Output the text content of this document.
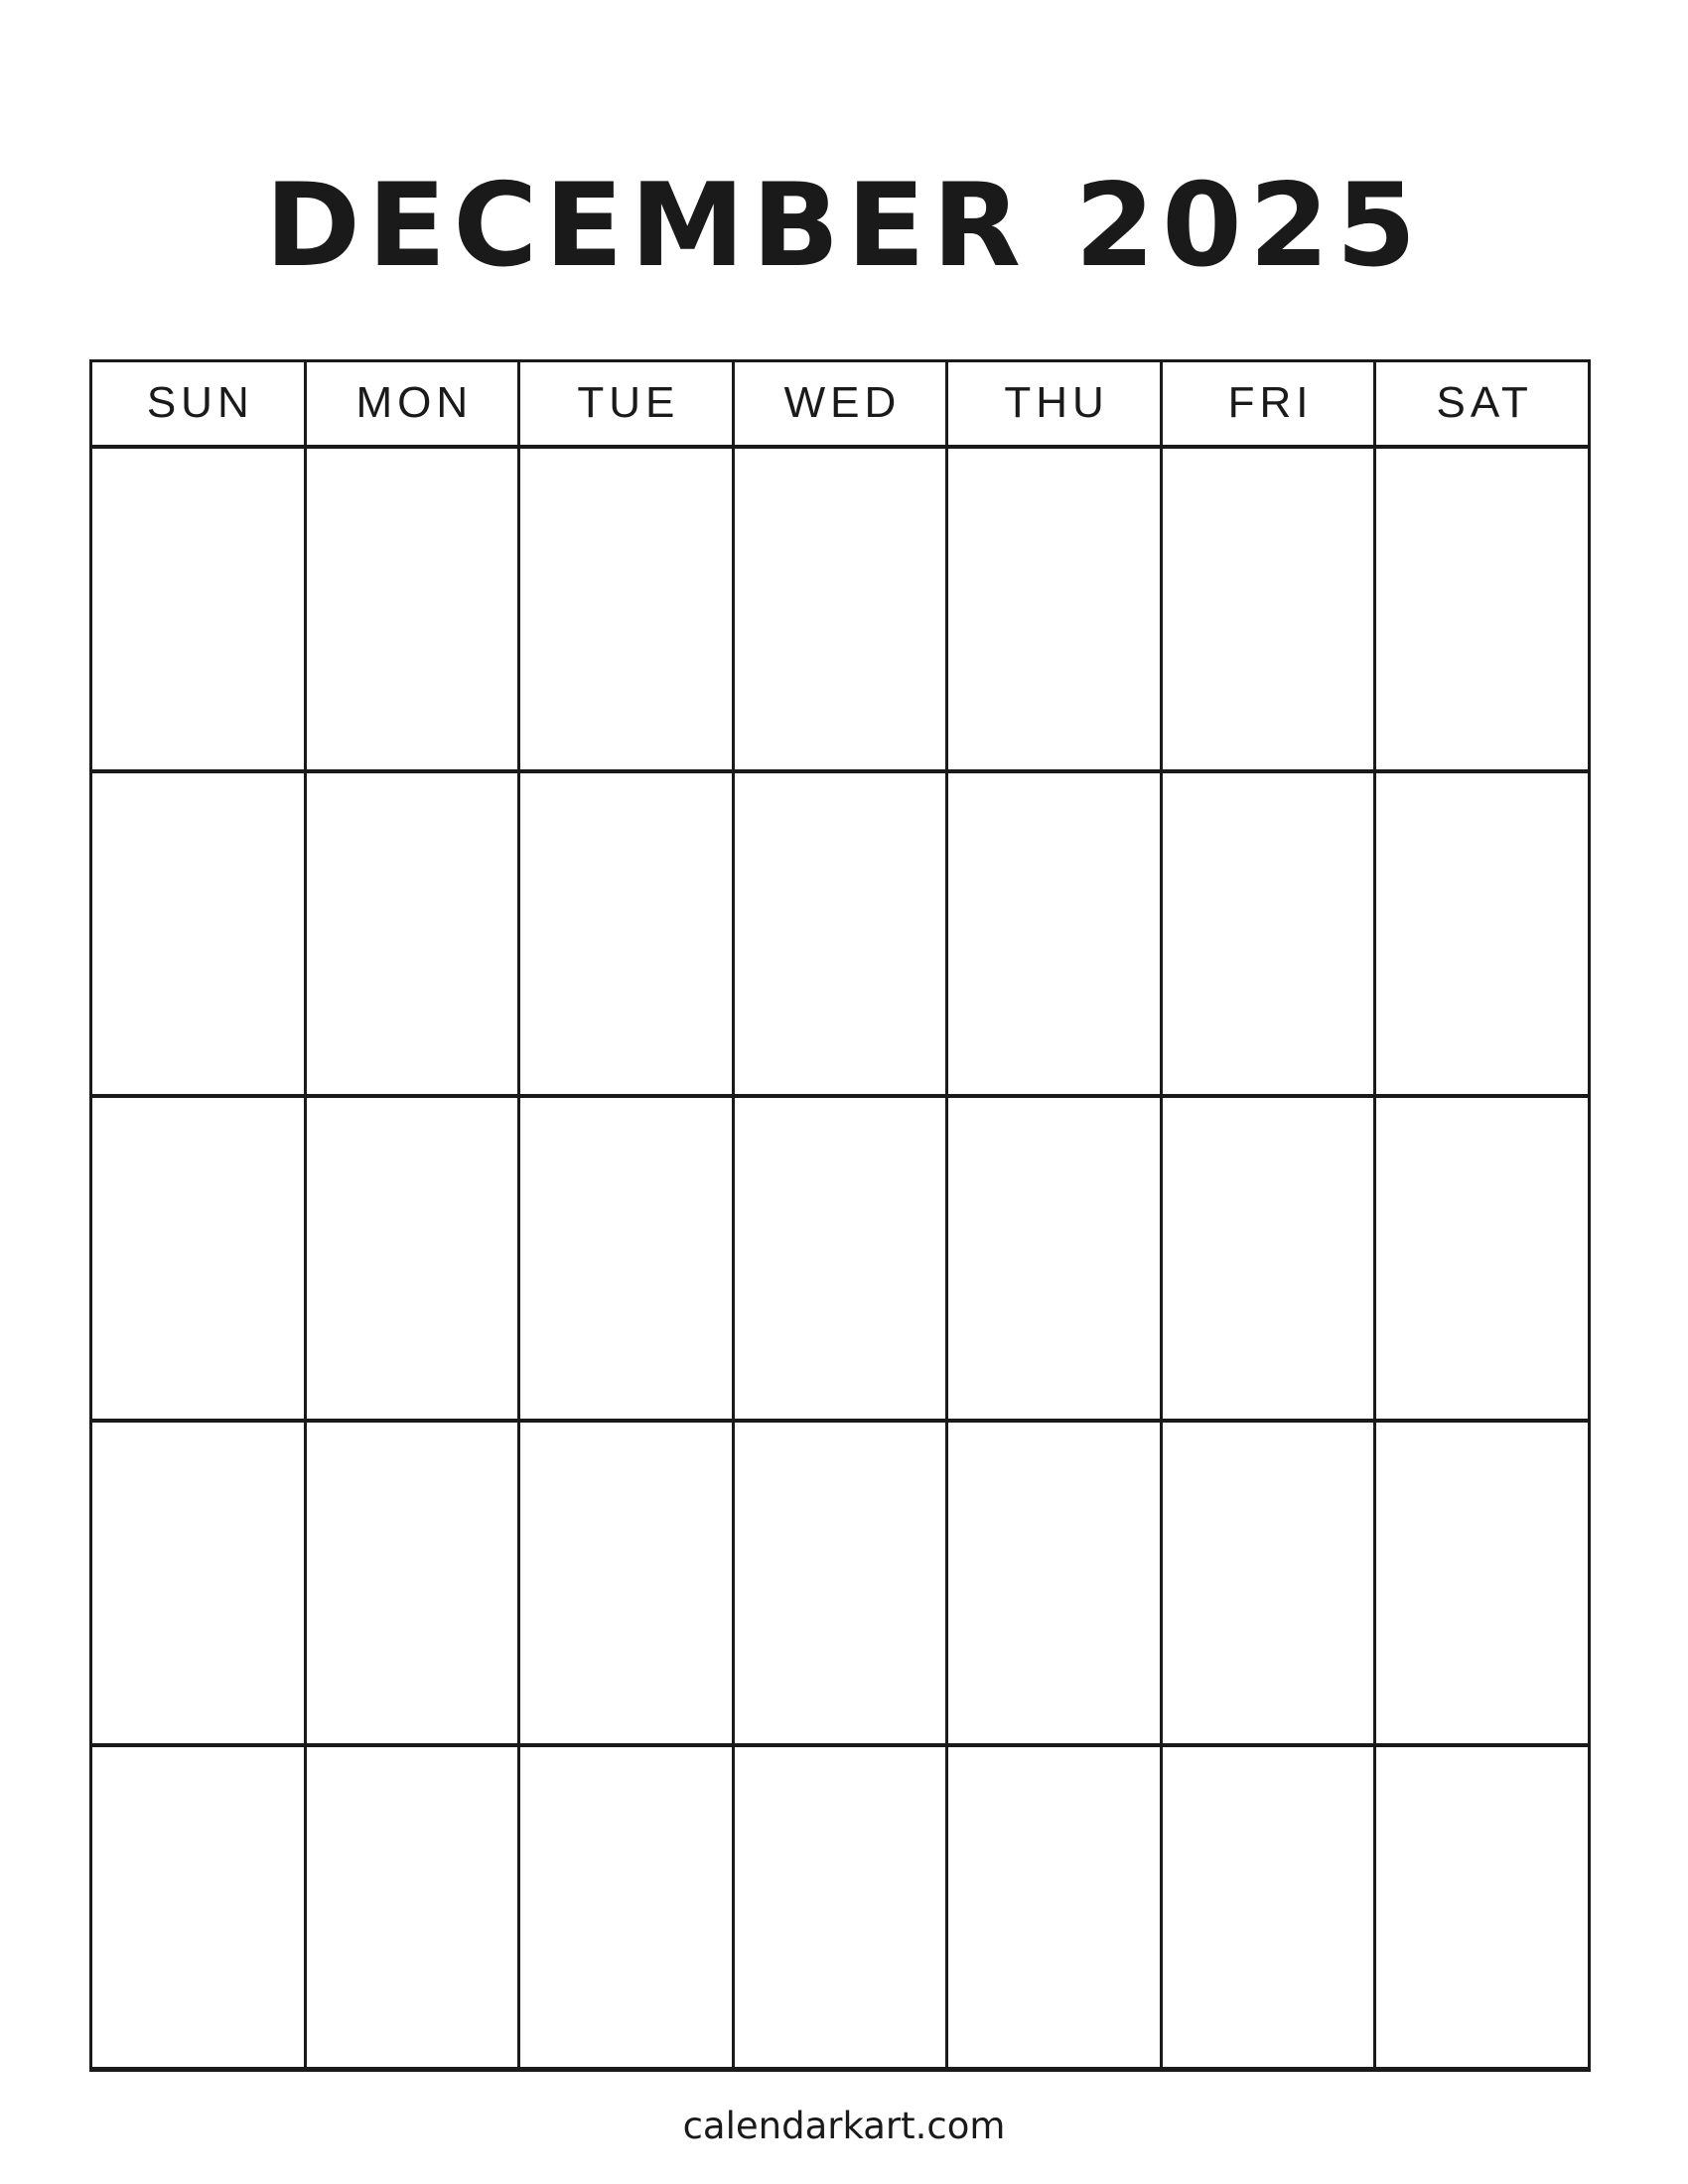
DECEMBER 2025
SUN	MON	TUE	WED	THU	FRI	SAT

calendarkart.com
